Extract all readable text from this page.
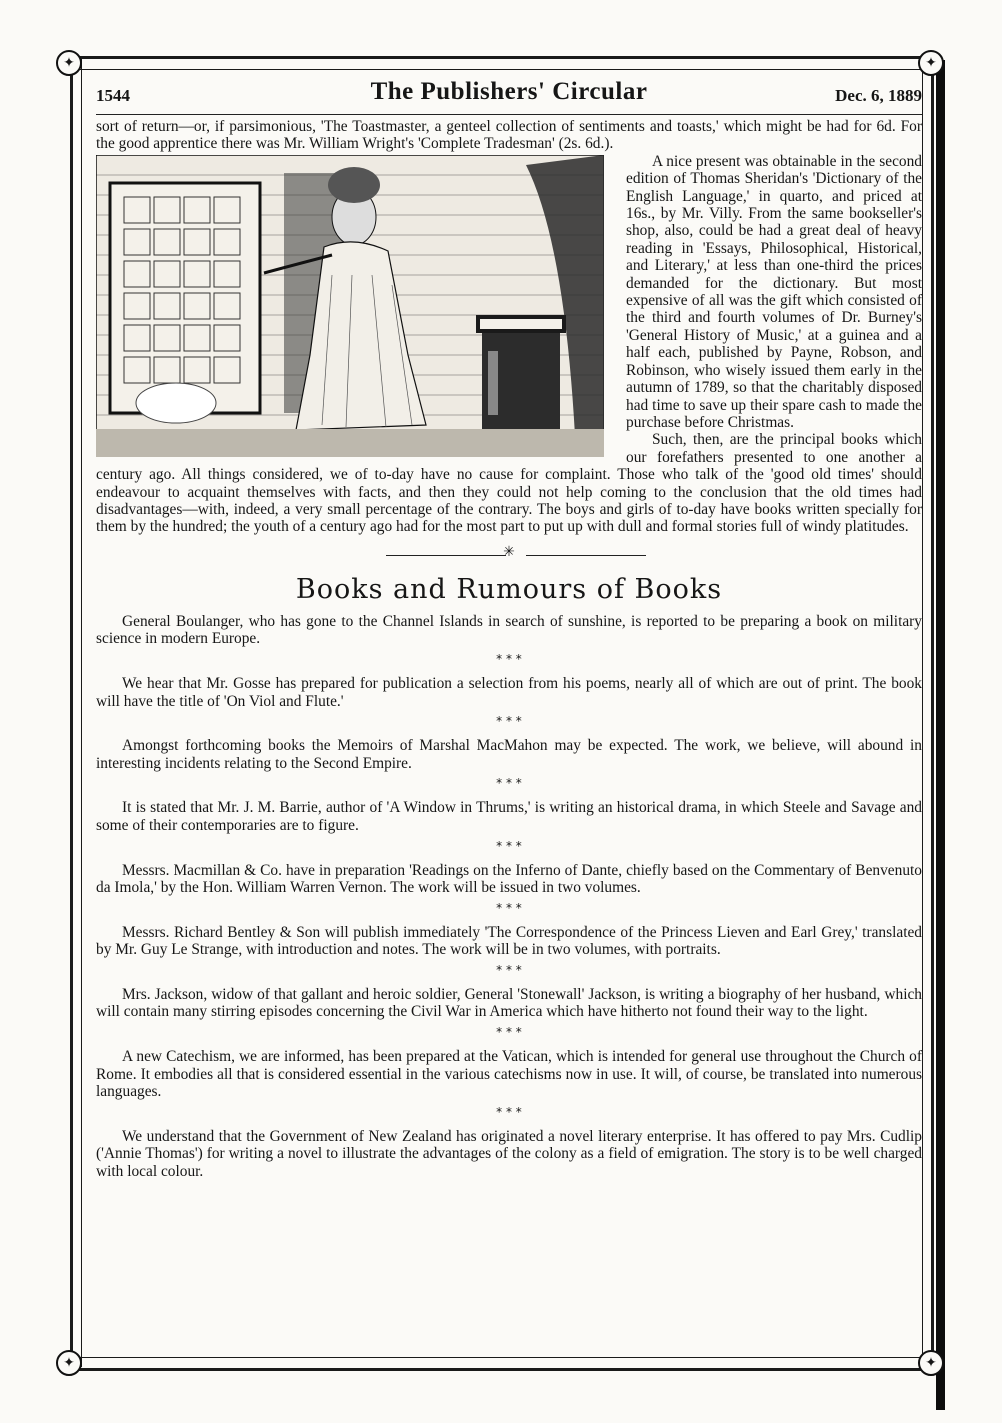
✦	✦
✦	✦
1544	The Publishers' Circular	Dec. 6, 1889

sort of return—or, if parsimonious, 'The Toastmaster, a genteel collection of sentiments and toasts,' which might be had for 6d. For the good apprentice there was Mr. William Wright's 'Complete Tradesman' (2s. 6d.).

A nice present was obtainable in the second edition of Thomas Sheridan's 'Dictionary of the English Language,' in quarto, and priced at 16s., by Mr. Villy. From the same bookseller's shop, also, could be had a great deal of heavy reading in 'Essays, Philosophical, Historical, and Literary,' at less than one-third the prices demanded for the dictionary. But most expensive of all was the gift which consisted of the third and fourth volumes of Dr. Burney's 'General History of Music,' at a guinea and a half each, published by Payne, Robson, and Robinson, who wisely issued them early in the autumn of 1789, so that the charitably disposed had time to save up their spare cash to made the purchase before Christmas.

Such, then, are the principal books which our forefathers presented to one another a century ago. All things considered, we of to-day have no cause for complaint. Those who talk of the 'good old times' should endeavour to acquaint themselves with facts, and then they could not help coming to the conclusion that the old times had disadvantages—with, indeed, a very small percentage of the contrary. The boys and girls of to-day have books written specially for them by the hundred; the youth of a century ago had for the most part to put up with dull and formal stories full of windy platitudes.

✳
Books and Rumours of Books

General Boulanger, who has gone to the Channel Islands in search of sunshine, is reported to be preparing a book on military science in modern Europe.

* * *

We hear that Mr. Gosse has prepared for publication a selection from his poems, nearly all of which are out of print. The book will have the title of 'On Viol and Flute.'

* * *

Amongst forthcoming books the Memoirs of Marshal MacMahon may be expected. The work, we believe, will abound in interesting incidents relating to the Second Empire.

* * *

It is stated that Mr. J. M. Barrie, author of 'A Window in Thrums,' is writing an historical drama, in which Steele and Savage and some of their contemporaries are to figure.

* * *

Messrs. Macmillan & Co. have in preparation 'Readings on the Inferno of Dante, chiefly based on the Commentary of Benvenuto da Imola,' by the Hon. William Warren Vernon. The work will be issued in two volumes.

* * *

Messrs. Richard Bentley & Son will publish immediately 'The Correspondence of the Princess Lieven and Earl Grey,' translated by Mr. Guy Le Strange, with introduction and notes. The work will be in two volumes, with portraits.

* * *

Mrs. Jackson, widow of that gallant and heroic soldier, General 'Stonewall' Jackson, is writing a biography of her husband, which will contain many stirring episodes concerning the Civil War in America which have hitherto not found their way to the light.

* * *

A new Catechism, we are informed, has been prepared at the Vatican, which is intended for general use throughout the Church of Rome. It embodies all that is considered essential in the various catechisms now in use. It will, of course, be translated into numerous languages.

* * *

We understand that the Government of New Zealand has originated a novel literary enterprise. It has offered to pay Mrs. Cudlip ('Annie Thomas') for writing a novel to illustrate the advantages of the colony as a field of emigration. The story is to be well charged with local colour.
